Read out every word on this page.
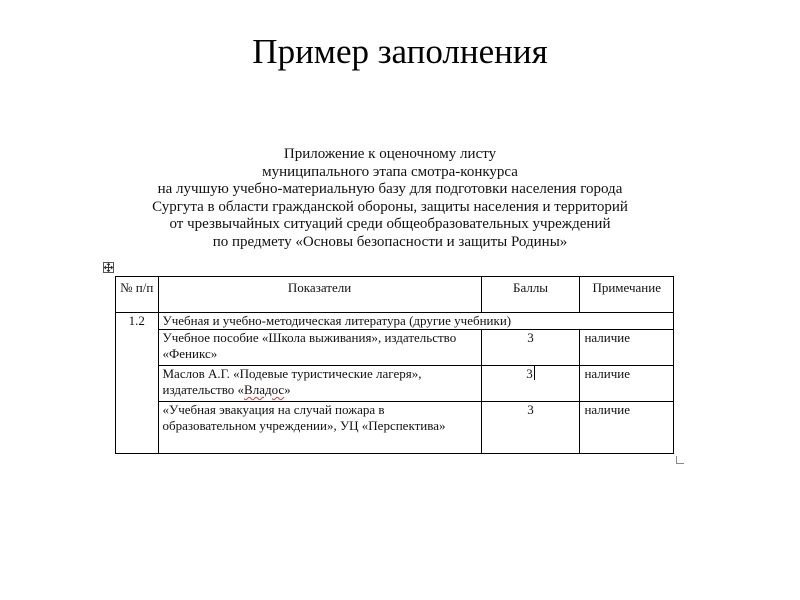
Пример заполнения
Приложение к оценочному листу
муниципального этапа смотра-конкурса
на лучшую учебно-материальную базу для подготовки населения города
Сургута в области гражданской обороны, защиты населения и территорий
от чрезвычайных ситуаций среди общеобразовательных учреждений
по предмету «Основы безопасности и защиты Родины»
№ п/п	Показатели	Баллы	Примечание
1.2	Учебная и учебно-методическая литература (другие учебники)		
	Учебное пособие «Школа выживания», издательство «Феникс»	3	наличие
	Маслов А.Г. «Подевые туристические лагеря», издательство «Владос»	3	наличие
	«Учебная эвакуация на случай пожара в образовательном учреждении», УЦ «Перспектива»	3	наличие
